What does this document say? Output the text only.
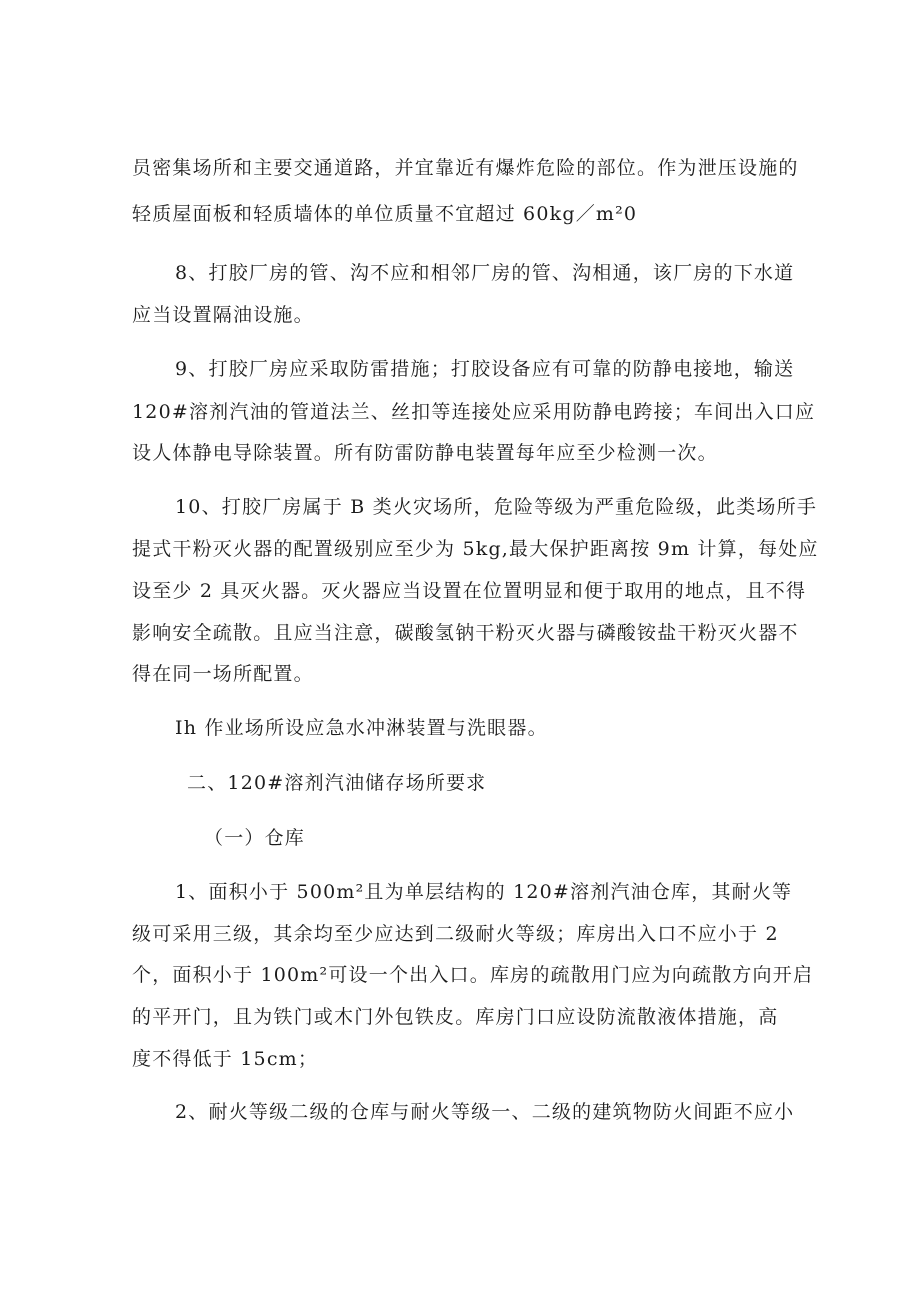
员密集场所和主要交通道路，并宜靠近有爆炸危险的部位。作为泄压设施的
轻质屋面板和轻质墙体的单位质量不宜超过 60kg／m²0
8、打胶厂房的管、沟不应和相邻厂房的管、沟相通，该厂房的下水道
应当设置隔油设施。
9、打胶厂房应采取防雷措施；打胶设备应有可靠的防静电接地，输送
120#溶剂汽油的管道法兰、丝扣等连接处应采用防静电跨接；车间出入口应
设人体静电导除装置。所有防雷防静电装置每年应至少检测一次。
10、打胶厂房属于 B 类火灾场所，危险等级为严重危险级，此类场所手
提式干粉灭火器的配置级别应至少为 5kg,最大保护距离按 9m 计算，每处应
设至少 2 具灭火器。灭火器应当设置在位置明显和便于取用的地点，且不得
影响安全疏散。且应当注意，碳酸氢钠干粉灭火器与磷酸铵盐干粉灭火器不
得在同一场所配置。
Ih 作业场所设应急水冲淋装置与洗眼器。
二、120#溶剂汽油储存场所要求
（一）仓库
1、面积小于 500m²且为单层结构的 120#溶剂汽油仓库，其耐火等
级可采用三级，其余均至少应达到二级耐火等级；库房出入口不应小于 2
个，面积小于 100m²可设一个出入口。库房的疏散用门应为向疏散方向开启
的平开门，且为铁门或木门外包铁皮。库房门口应设防流散液体措施，高
度不得低于 15cm；
2、耐火等级二级的仓库与耐火等级一、二级的建筑物防火间距不应小
